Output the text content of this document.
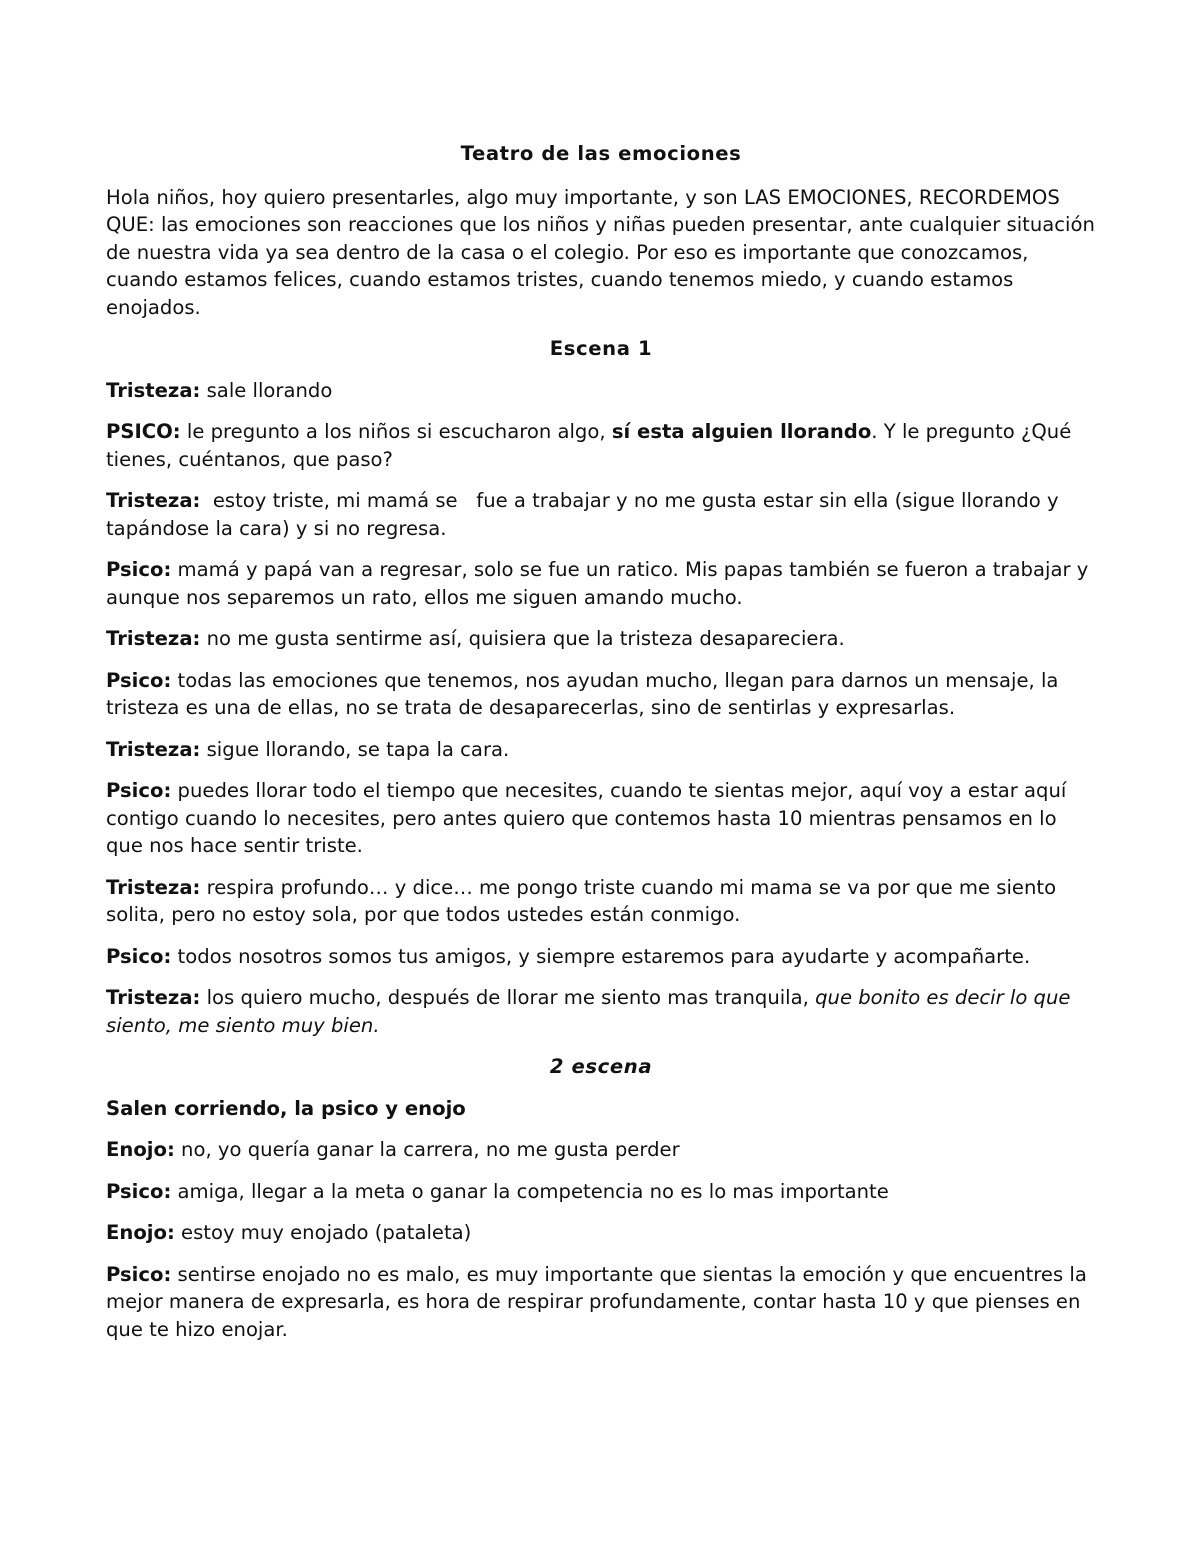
Teatro de las emociones

Hola niños, hoy quiero presentarles, algo muy importante, y son LAS EMOCIONES, RECORDEMOS QUE: las emociones son reacciones que los niños y niñas pueden presentar, ante cualquier situación de nuestra vida ya sea dentro de la casa o el colegio. Por eso es importante que conozcamos, cuando estamos felices, cuando estamos tristes, cuando tenemos miedo, y cuando estamos enojados.

Escena 1

Tristeza: sale llorando

PSICO: le pregunto a los niños si escucharon algo, sí esta alguien llorando. Y le pregunto ¿Qué tienes, cuéntanos, que paso?

Tristeza:  estoy triste, mi mamá se   fue a trabajar y no me gusta estar sin ella (sigue llorando y tapándose la cara) y si no regresa.

Psico: mamá y papá van a regresar, solo se fue un ratico. Mis papas también se fueron a trabajar y aunque nos separemos un rato, ellos me siguen amando mucho.

Tristeza: no me gusta sentirme así, quisiera que la tristeza desapareciera.

Psico: todas las emociones que tenemos, nos ayudan mucho, llegan para darnos un mensaje, la tristeza es una de ellas, no se trata de desaparecerlas, sino de sentirlas y expresarlas.

Tristeza: sigue llorando, se tapa la cara.

Psico: puedes llorar todo el tiempo que necesites, cuando te sientas mejor, aquí voy a estar aquí contigo cuando lo necesites, pero antes quiero que contemos hasta 10 mientras pensamos en lo que nos hace sentir triste.

Tristeza: respira profundo… y dice… me pongo triste cuando mi mama se va por que me siento solita, pero no estoy sola, por que todos ustedes están conmigo.

Psico: todos nosotros somos tus amigos, y siempre estaremos para ayudarte y acompañarte.

Tristeza: los quiero mucho, después de llorar me siento mas tranquila, que bonito es decir lo que siento, me siento muy bien.

2 escena

Salen corriendo, la psico y enojo

Enojo: no, yo quería ganar la carrera, no me gusta perder

Psico: amiga, llegar a la meta o ganar la competencia no es lo mas importante

Enojo: estoy muy enojado (pataleta)

Psico: sentirse enojado no es malo, es muy importante que sientas la emoción y que encuentres la mejor manera de expresarla, es hora de respirar profundamente, contar hasta 10 y que pienses en que te hizo enojar.
